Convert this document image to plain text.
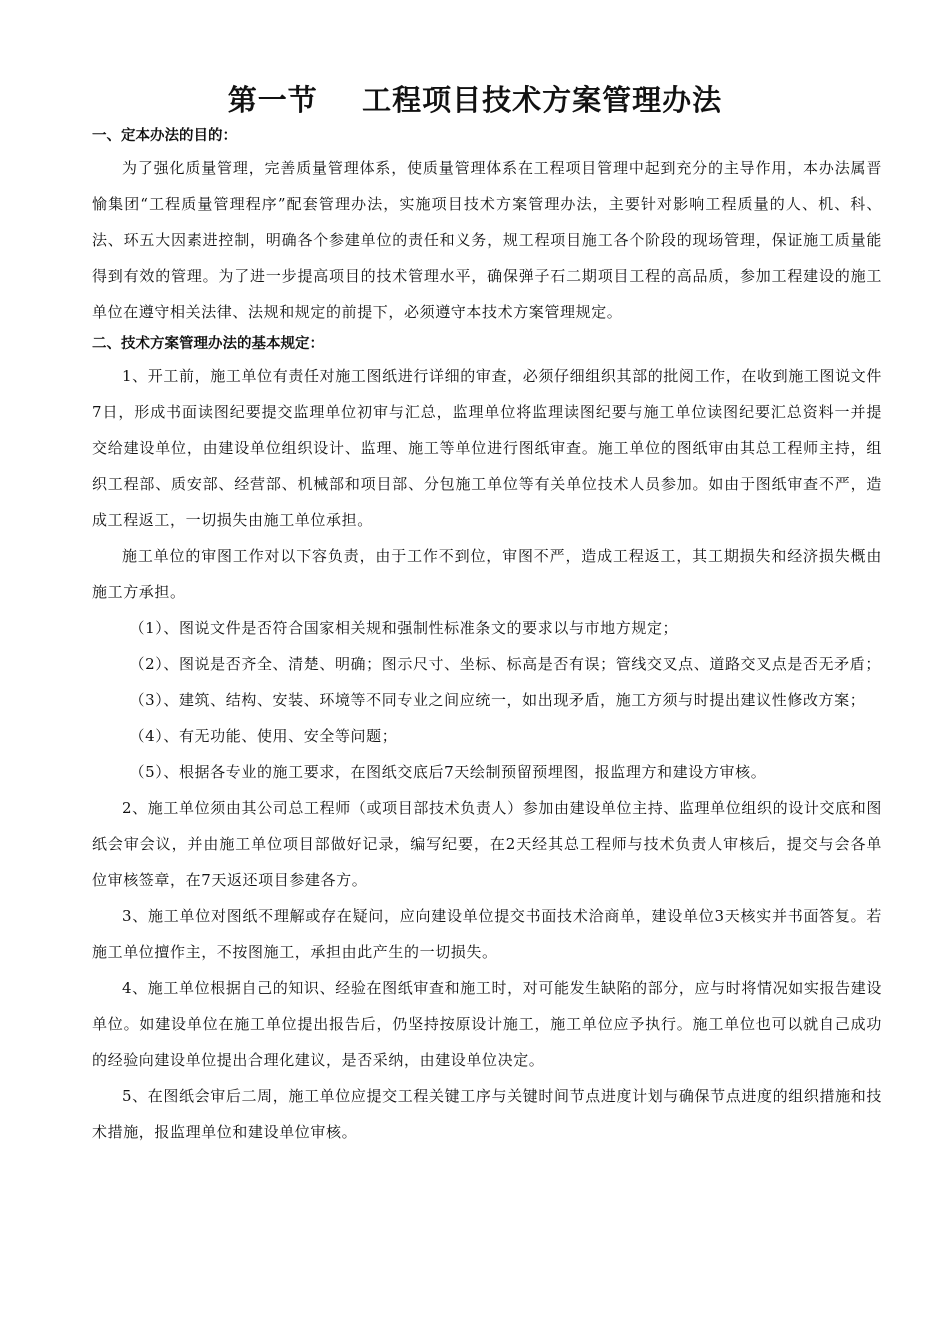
第一节    工程项目技术方案管理办法
一、定本办法的目的：

为了强化质量管理，完善质量管理体系，使质量管理体系在工程项目管理中起到充分的主导作用，本办法属晋愉集团“工程质量管理程序”配套管理办法，实施项目技术方案管理办法，主要针对影响工程质量的人、机、科、法、环五大因素进控制，明确各个参建单位的责任和义务，规工程项目施工各个阶段的现场管理，保证施工质量能得到有效的管理。为了进一步提高项目的技术管理水平，确保弹子石二期项目工程的高品质，参加工程建设的施工单位在遵守相关法律、法规和规定的前提下，必须遵守本技术方案管理规定。

二、技术方案管理办法的基本规定：

1、开工前，施工单位有责任对施工图纸进行详细的审查，必须仔细组织其部的批阅工作，在收到施工图说文件7日，形成书面读图纪要提交监理单位初审与汇总，监理单位将监理读图纪要与施工单位读图纪要汇总资料一并提交给建设单位，由建设单位组织设计、监理、施工等单位进行图纸审查。施工单位的图纸审由其总工程师主持，组织工程部、质安部、经营部、机械部和项目部、分包施工单位等有关单位技术人员参加。如由于图纸审查不严，造成工程返工，一切损失由施工单位承担。

施工单位的审图工作对以下容负责，由于工作不到位，审图不严，造成工程返工，其工期损失和经济损失概由施工方承担。

（1）、图说文件是否符合国家相关规和强制性标准条文的要求以与市地方规定；

（2）、图说是否齐全、清楚、明确；图示尺寸、坐标、标高是否有误；管线交叉点、道路交叉点是否无矛盾；

（3）、建筑、结构、安装、环境等不同专业之间应统一，如出现矛盾，施工方须与时提出建议性修改方案；

（4）、有无功能、使用、安全等问题；

（5）、根据各专业的施工要求，在图纸交底后7天绘制预留预埋图，报监理方和建设方审核。

2、施工单位须由其公司总工程师（或项目部技术负责人）参加由建设单位主持、监理单位组织的设计交底和图纸会审会议，并由施工单位项目部做好记录，编写纪要，在2天经其总工程师与技术负责人审核后，提交与会各单位审核签章，在7天返还项目参建各方。

3、施工单位对图纸不理解或存在疑问，应向建设单位提交书面技术洽商单，建设单位3天核实并书面答复。若施工单位擅作主，不按图施工，承担由此产生的一切损失。

4、施工单位根据自己的知识、经验在图纸审查和施工时，对可能发生缺陷的部分，应与时将情况如实报告建设单位。如建设单位在施工单位提出报告后，仍坚持按原设计施工，施工单位应予执行。施工单位也可以就自己成功的经验向建设单位提出合理化建议，是否采纳，由建设单位决定。

5、在图纸会审后二周，施工单位应提交工程关键工序与关键时间节点进度计划与确保节点进度的组织措施和技术措施，报监理单位和建设单位审核。
